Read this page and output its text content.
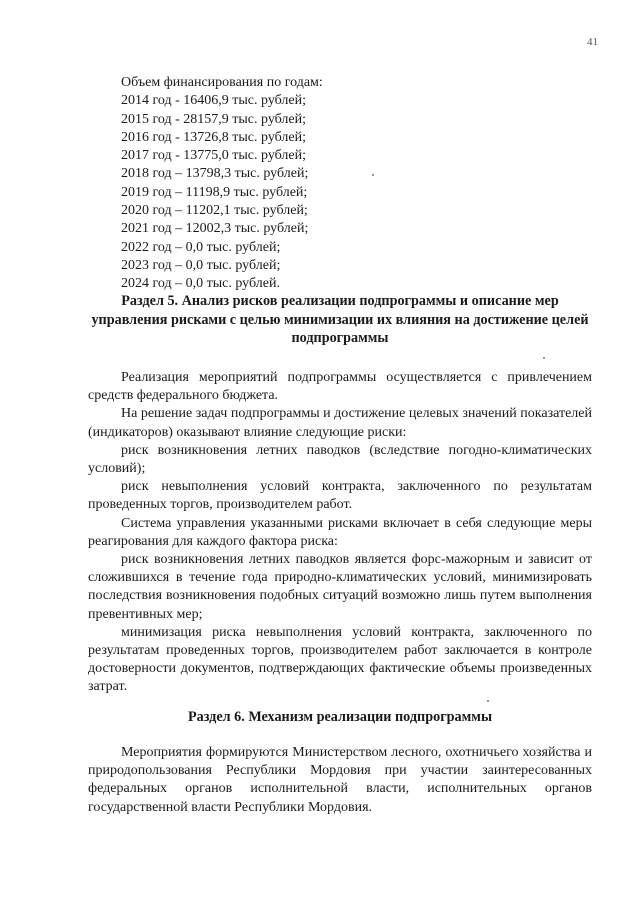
41
Объем финансирования по годам:
2014 год - 16406,9 тыс. рублей;
2015 год - 28157,9 тыс. рублей;
2016 год - 13726,8 тыс. рублей;
2017 год - 13775,0 тыс. рублей;
2018 год – 13798,3 тыс. рублей;
2019 год – 11198,9 тыс. рублей;
2020 год – 11202,1 тыс. рублей;
2021 год – 12002,3 тыс. рублей;
2022 год – 0,0 тыс. рублей;
2023 год – 0,0 тыс. рублей;
2024 год – 0,0 тыс. рублей.
Раздел 5. Анализ рисков реализации подпрограммы и описание мер управления рисками с целью минимизации их влияния на достижение целей подпрограммы

Реализация мероприятий подпрограммы осуществляется с привлечением средств федерального бюджета.

На решение задач подпрограммы и достижение целевых значений показателей (индикаторов) оказывают влияние следующие риски:

риск возникновения летних паводков (вследствие погодно-климатических условий);

риск невыполнения условий контракта, заключенного по результатам проведенных торгов, производителем работ.

Система управления указанными рисками включает в себя следующие меры реагирования для каждого фактора риска:

риск возникновения летних паводков является форс-мажорным и зависит от сложившихся в течение года природно-климатических условий, минимизировать последствия возникновения подобных ситуаций возможно лишь путем выполнения превентивных мер;

минимизация риска невыполнения условий контракта, заключенного по результатам проведенных торгов, производителем работ заключается в контроле достоверности документов, подтверждающих фактические объемы произведенных затрат.

Раздел 6. Механизм реализации подпрограммы

Мероприятия формируются Министерством лесного, охотничьего хозяйства и природопользования Республики Мордовия при участии заинтересованных федеральных органов исполнительной власти, исполнительных органов государственной власти Республики Мордовия.
